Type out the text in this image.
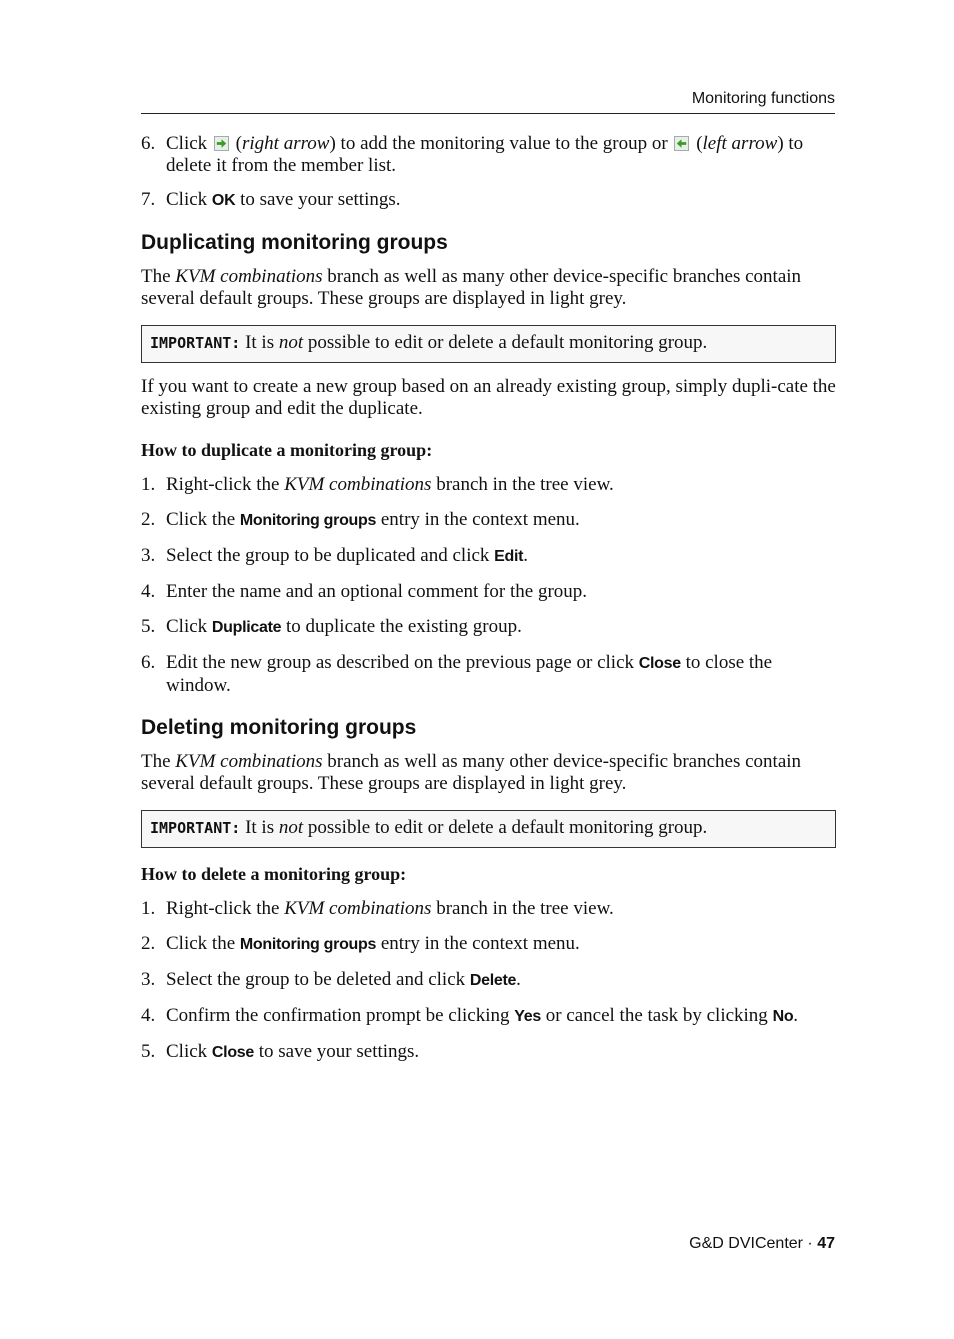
Monitoring functions
6. Click  (right arrow) to add the monitoring value to the group or  (left arrow) to delete it from the member list.
7. Click OK to save your settings.
Duplicating monitoring groups

The KVM combinations branch as well as many other device-specific branches contain several default groups. These groups are displayed in light grey.

IMPORTANT: It is not possible to edit or delete a default monitoring group.

If you want to create a new group based on an already existing group, simply dupli-cate the existing group and edit the duplicate.

How to duplicate a monitoring group:

1. Right-click the KVM combinations branch in the tree view.
2. Click the Monitoring groups entry in the context menu.
3. Select the group to be duplicated and click Edit.
4. Enter the name and an optional comment for the group.
5. Click Duplicate to duplicate the existing group.
6. Edit the new group as described on the previous page or click Close to close the window.
Deleting monitoring groups

The KVM combinations branch as well as many other device-specific branches contain several default groups. These groups are displayed in light grey.

IMPORTANT: It is not possible to edit or delete a default monitoring group.

How to delete a monitoring group:

1. Right-click the KVM combinations branch in the tree view.
2. Click the Monitoring groups entry in the context menu.
3. Select the group to be deleted and click Delete.
4. Confirm the confirmation prompt be clicking Yes or cancel the task by clicking No.
5. Click Close to save your settings.
G&D DVICenter · 47
